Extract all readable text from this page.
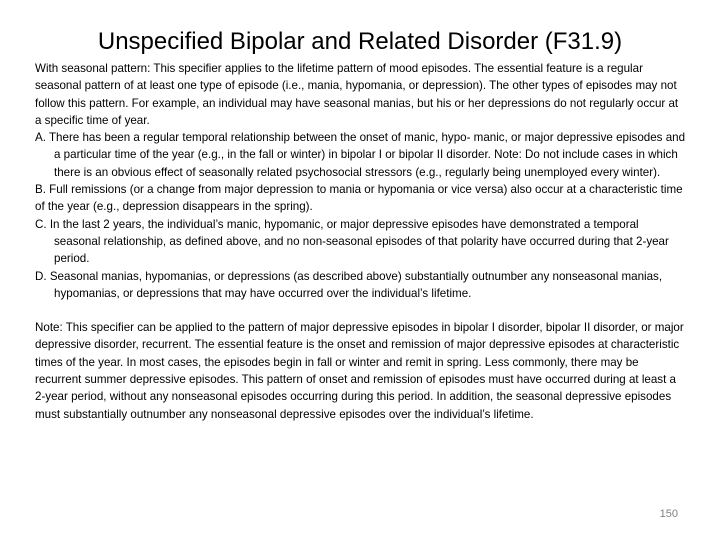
Unspecified Bipolar and Related Disorder (F31.9)

With seasonal pattern: This specifier applies to the lifetime pattern of mood episodes. The essential feature is a regular seasonal pattern of at least one type of episode (i.e., mania, hypomania, or depression). The other types of episodes may not follow this pattern. For example, an individual may have seasonal manias, but his or her depressions do not regularly occur at a specific time of year.

A. There has been a regular temporal relationship between the onset of manic, hypo- manic, or major depressive episodes and a particular time of the year (e.g., in the fall or winter) in bipolar I or bipolar II disorder. Note: Do not include cases in which there is an obvious effect of seasonally related psychosocial stressors (e.g., regularly being unemployed every winter).

B. Full remissions (or a change from major depression to mania or hypomania or vice versa) also occur at a characteristic time of the year (e.g., depression disappears in the spring).

C. In the last 2 years, the individual’s manic, hypomanic, or major depressive episodes have demonstrated a temporal seasonal relationship, as defined above, and no non-seasonal episodes of that polarity have occurred during that 2-year period.

D. Seasonal manias, hypomanias, or depressions (as described above) substantially outnumber any nonseasonal manias, hypomanias, or depressions that may have occurred over the individual’s lifetime.

Note: This specifier can be applied to the pattern of major depressive episodes in bipolar I disorder, bipolar II disorder, or major depressive disorder, recurrent. The essential feature is the onset and remission of major depressive episodes at characteristic times of the year. In most cases, the episodes begin in fall or winter and remit in spring. Less commonly, there may be recurrent summer depressive episodes. This pattern of onset and remission of episodes must have occurred during at least a 2-year period, without any nonseasonal episodes occurring during this period. In addition, the seasonal depressive episodes must substantially outnumber any nonseasonal depressive episodes over the individual’s lifetime.

150
